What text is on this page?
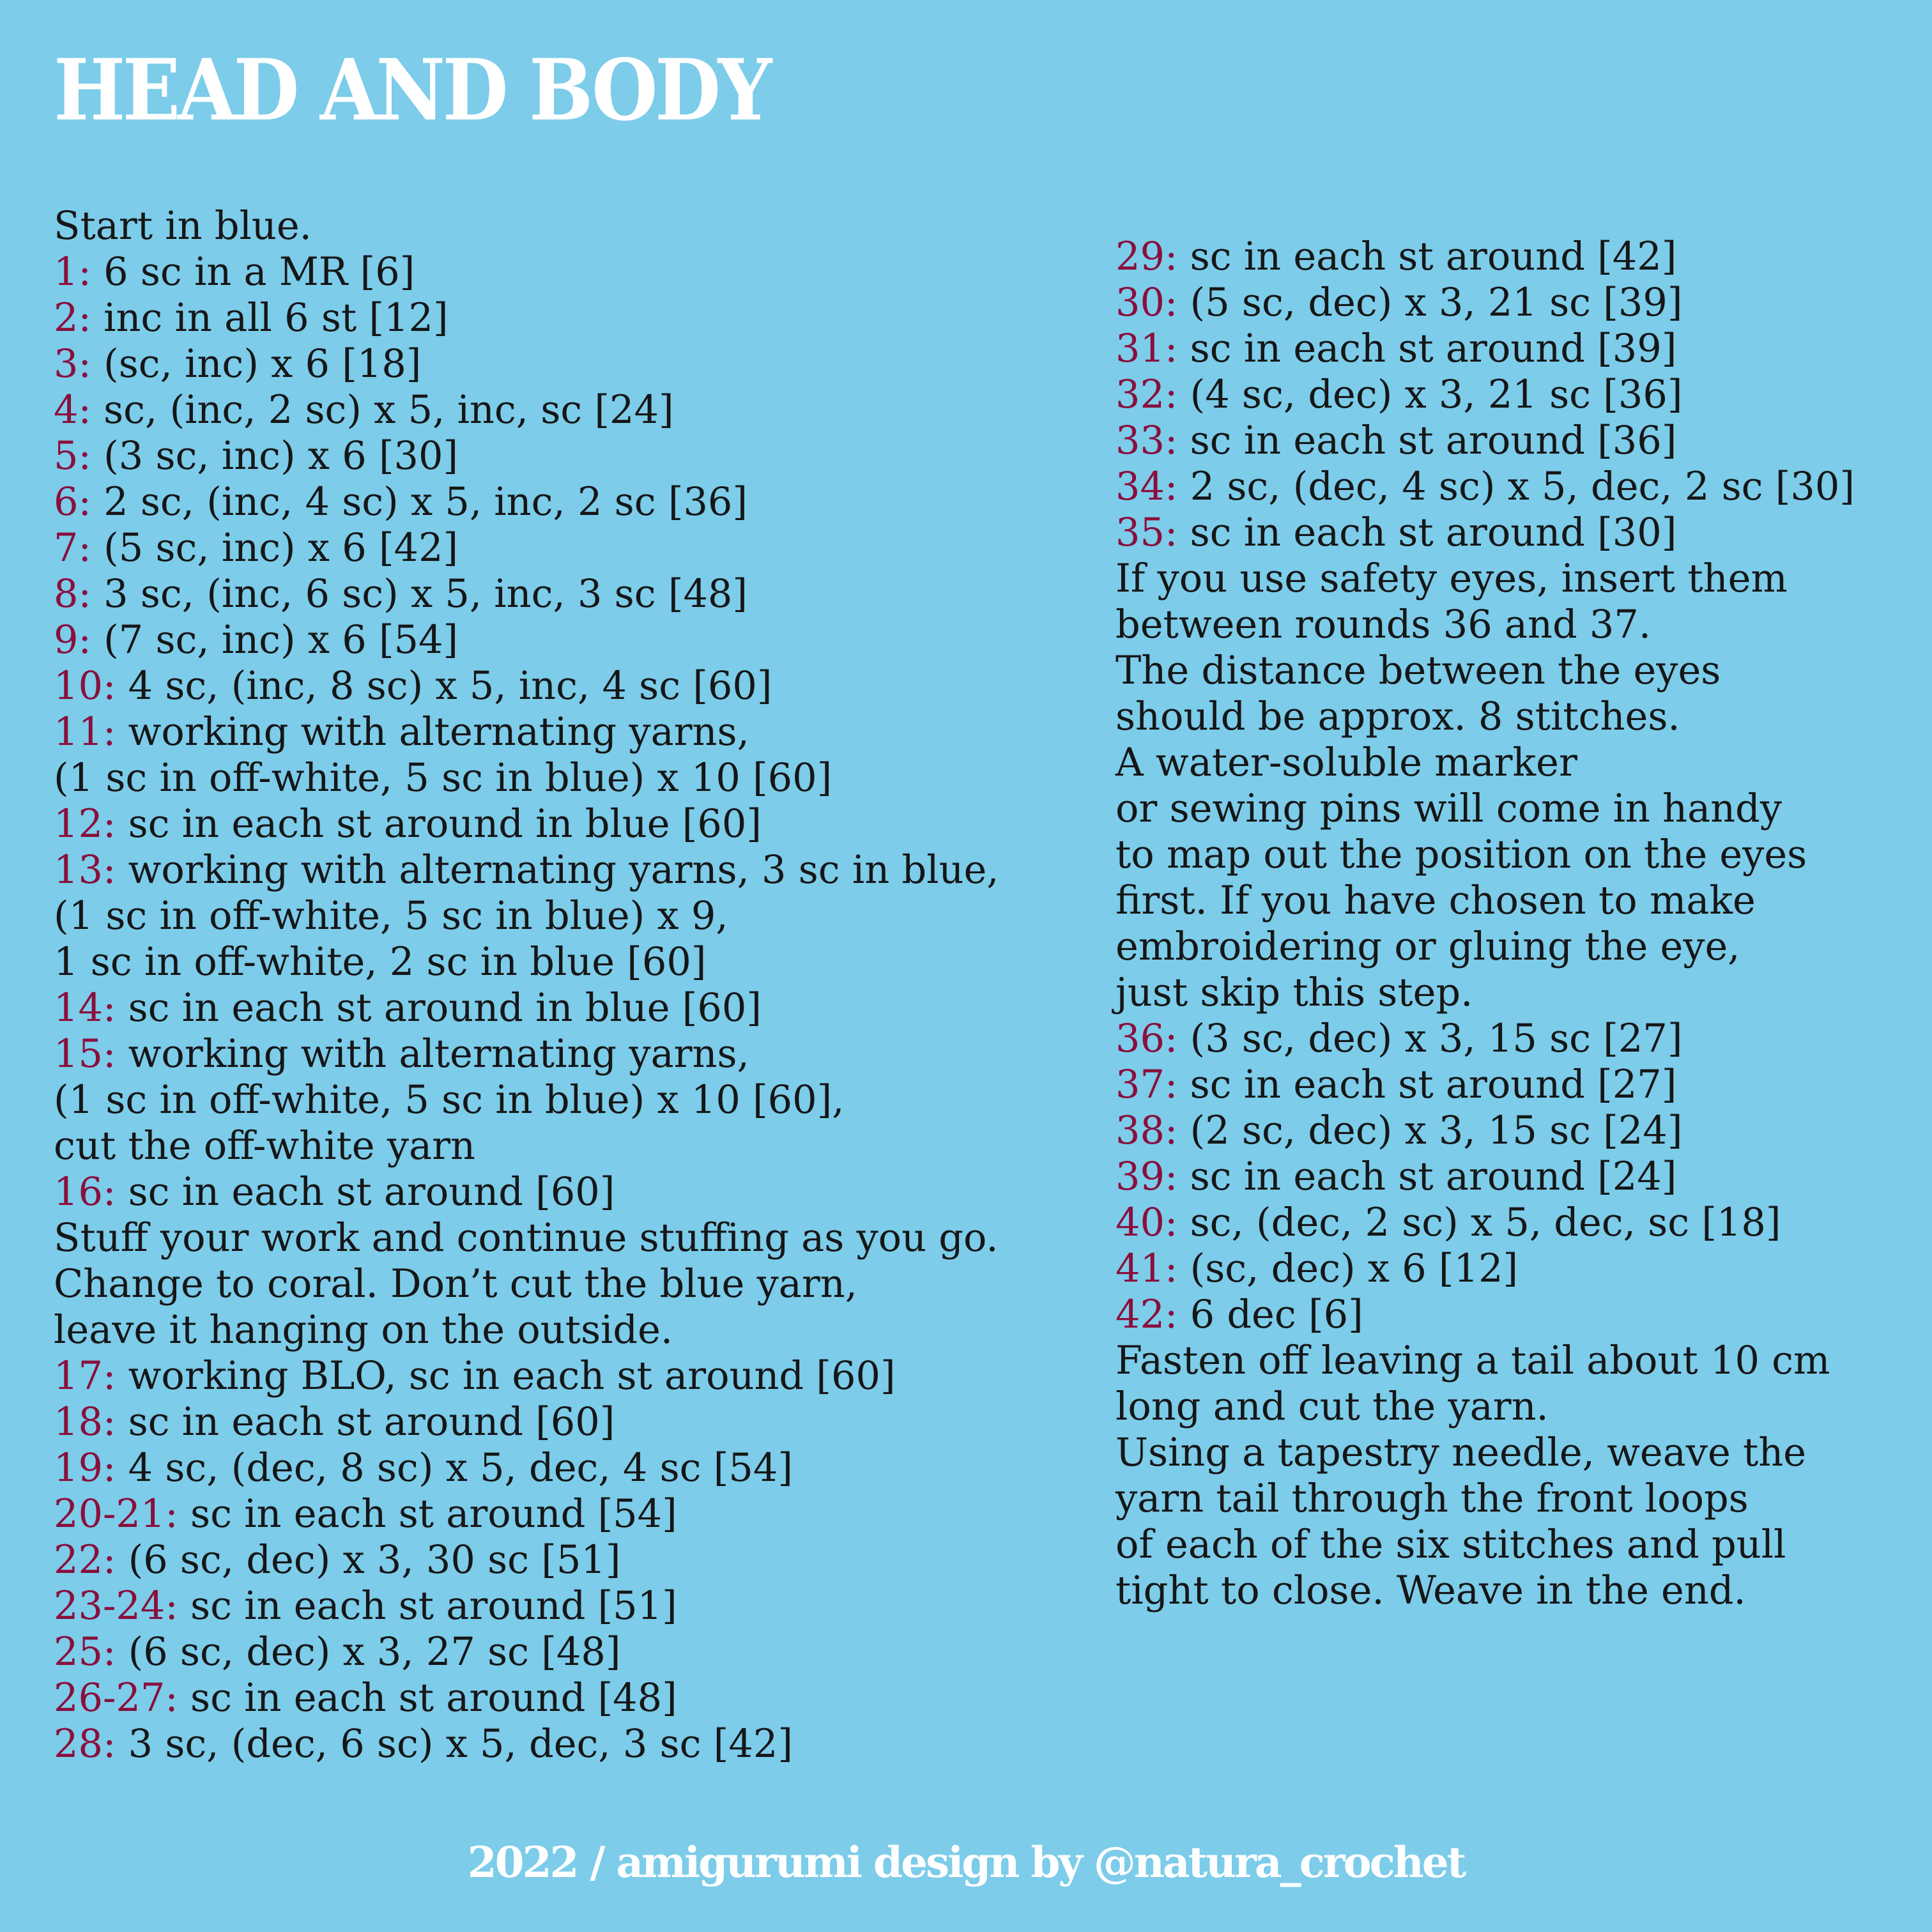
HEAD AND BODY
Start in blue.
1: 6 sc in a MR [6]
2: inc in all 6 st [12]
3: (sc, inc) x 6 [18]
4: sc, (inc, 2 sc) x 5, inc, sc [24]
5: (3 sc, inc) x 6 [30]
6: 2 sc, (inc, 4 sc) x 5, inc, 2 sc [36]
7: (5 sc, inc) x 6 [42]
8: 3 sc, (inc, 6 sc) x 5, inc, 3 sc [48]
9: (7 sc, inc) x 6 [54]
10: 4 sc, (inc, 8 sc) x 5, inc, 4 sc [60]
11: working with alternating yarns,
(1 sc in off-white, 5 sc in blue) x 10 [60]
12: sc in each st around in blue [60]
13: working with alternating yarns, 3 sc in blue,
(1 sc in off-white, 5 sc in blue) x 9,
1 sc in off-white, 2 sc in blue [60]
14: sc in each st around in blue [60]
15: working with alternating yarns,
(1 sc in off-white, 5 sc in blue) x 10 [60],
cut the off-white yarn
16: sc in each st around [60]
Stuff your work and continue stuffing as you go.
Change to coral. Don’t cut the blue yarn,
leave it hanging on the outside.
17: working BLO, sc in each st around [60]
18: sc in each st around [60]
19: 4 sc, (dec, 8 sc) x 5, dec, 4 sc [54]
20-21: sc in each st around [54]
22: (6 sc, dec) x 3, 30 sc [51]
23-24: sc in each st around [51]
25: (6 sc, dec) x 3, 27 sc [48]
26-27: sc in each st around [48]
28: 3 sc, (dec, 6 sc) x 5, dec, 3 sc [42]
29: sc in each st around [42]
30: (5 sc, dec) x 3, 21 sc [39]
31: sc in each st around [39]
32: (4 sc, dec) x 3, 21 sc [36]
33: sc in each st around [36]
34: 2 sc, (dec, 4 sc) x 5, dec, 2 sc [30]
35: sc in each st around [30]
If you use safety eyes, insert them
between rounds 36 and 37.
The distance between the eyes
should be approx. 8 stitches.
A water-soluble marker
or sewing pins will come in handy
to map out the position on the eyes
first. If you have chosen to make
embroidering or gluing the eye,
just skip this step.
36: (3 sc, dec) x 3, 15 sc [27]
37: sc in each st around [27]
38: (2 sc, dec) x 3, 15 sc [24]
39: sc in each st around [24]
40: sc, (dec, 2 sc) x 5, dec, sc [18]
41: (sc, dec) x 6 [12]
42: 6 dec [6]
Fasten off leaving a tail about 10 cm
long and cut the yarn.
Using a tapestry needle, weave the
yarn tail through the front loops
of each of the six stitches and pull
tight to close. Weave in the end.
2022 / amigurumi design by @natura_crochet
